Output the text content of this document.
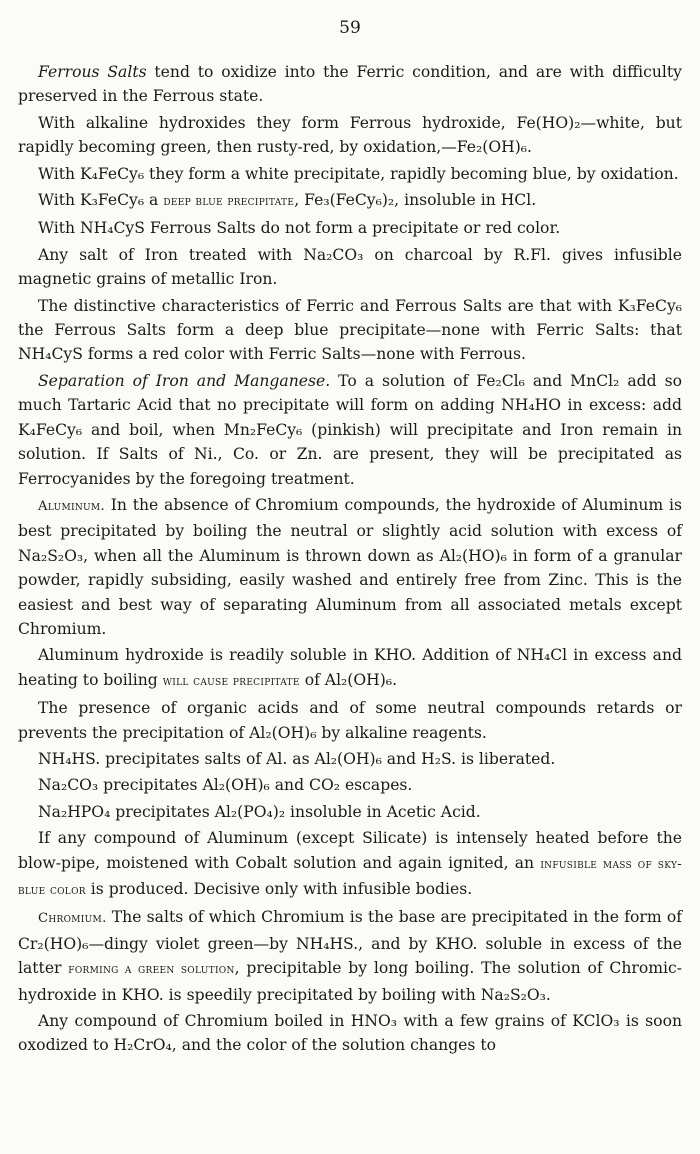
59

Ferrous Salts tend to oxidize into the Ferric condition, and are with difficulty preserved in the Ferrous state.

With alkaline hydroxides they form Ferrous hydroxide, Fe(HO)₂—white, but rapidly becoming green, then rusty-red, by oxidation,—Fe₂(OH)₆.

With K₄FeCy₆ they form a white precipitate, rapidly becoming blue, by oxidation.

With K₃FeCy₆ a deep blue precipitate, Fe₃(FeCy₆)₂, insoluble in HCl.

With NH₄CyS Ferrous Salts do not form a precipitate or red color.

Any salt of Iron treated with Na₂CO₃ on charcoal by R.Fl. gives infusible magnetic grains of metallic Iron.

The distinctive characteristics of Ferric and Ferrous Salts are that with K₃FeCy₆ the Ferrous Salts form a deep blue precipitate—none with Ferric Salts: that NH₄CyS forms a red color with Ferric Salts—none with Ferrous.

Separation of Iron and Manganese. To a solution of Fe₂Cl₆ and MnCl₂ add so much Tartaric Acid that no precipitate will form on adding NH₄HO in excess: add K₄FeCy₆ and boil, when Mn₂FeCy₆ (pinkish) will precipitate and Iron remain in solution. If Salts of Ni., Co. or Zn. are present, they will be precipitated as Ferrocyanides by the foregoing treatment.

Aluminum. In the absence of Chromium compounds, the hydroxide of Aluminum is best precipitated by boiling the neutral or slightly acid solution with excess of Na₂S₂O₃, when all the Aluminum is thrown down as Al₂(HO)₆ in form of a granular powder, rapidly subsiding, easily washed and entirely free from Zinc. This is the easiest and best way of separating Aluminum from all associated metals except Chromium.

Aluminum hydroxide is readily soluble in KHO. Addition of NH₄Cl in excess and heating to boiling will cause precipitate of Al₂(OH)₆.

The presence of organic acids and of some neutral compounds retards or prevents the precipitation of Al₂(OH)₆ by alkaline reagents.

NH₄HS. precipitates salts of Al. as Al₂(OH)₆ and H₂S. is liberated.

Na₂CO₃ precipitates Al₂(OH)₆ and CO₂ escapes.

Na₂HPO₄ precipitates Al₂(PO₄)₂ insoluble in Acetic Acid.

If any compound of Aluminum (except Silicate) is intensely heated before the blow-pipe, moistened with Cobalt solution and again ignited, an infusible mass of sky-blue color is produced. Decisive only with infusible bodies.

Chromium. The salts of which Chromium is the base are precipitated in the form of Cr₂(HO)₆—dingy violet green—by NH₄HS., and by KHO. soluble in excess of the latter forming a green solution, precipitable by long boiling. The solution of Chromic-hydroxide in KHO. is speedily precipitated by boiling with Na₂S₂O₃.

Any compound of Chromium boiled in HNO₃ with a few grains of KClO₃ is soon oxodized to H₂CrO₄, and the color of the solution changes to
